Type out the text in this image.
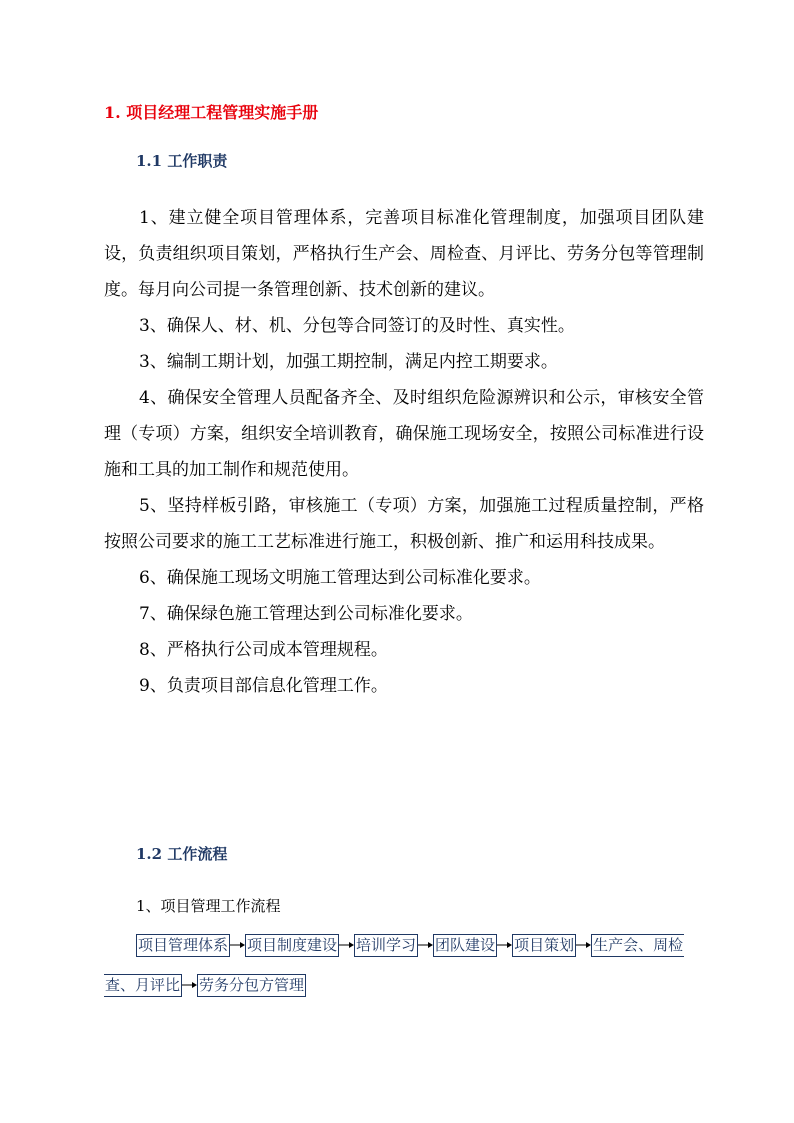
1. 项目经理工程管理实施手册
1.1 工作职责

1、建立健全项目管理体系，完善项目标准化管理制度，加强项目团队建设，负责组织项目策划，严格执行生产会、周检查、月评比、劳务分包等管理制度。每月向公司提一条管理创新、技术创新的建议。

3、确保人、材、机、分包等合同签订的及时性、真实性。

3、编制工期计划，加强工期控制，满足内控工期要求。

4、确保安全管理人员配备齐全、及时组织危险源辨识和公示，审核安全管理（专项）方案，组织安全培训教育，确保施工现场安全，按照公司标准进行设施和工具的加工制作和规范使用。

5、坚持样板引路，审核施工（专项）方案，加强施工过程质量控制，严格按照公司要求的施工工艺标准进行施工，积极创新、推广和运用科技成果。

6、确保施工现场文明施工管理达到公司标准化要求。

7、确保绿色施工管理达到公司标准化要求。

8、严格执行公司成本管理规程。

9、负责项目部信息化管理工作。

1.2 工作流程
1、项目管理工作流程
项目管理体系 项目制度建设 培训学习 团队建设 项目策划 生产会、周检
查、月评比 劳务分包方管理
